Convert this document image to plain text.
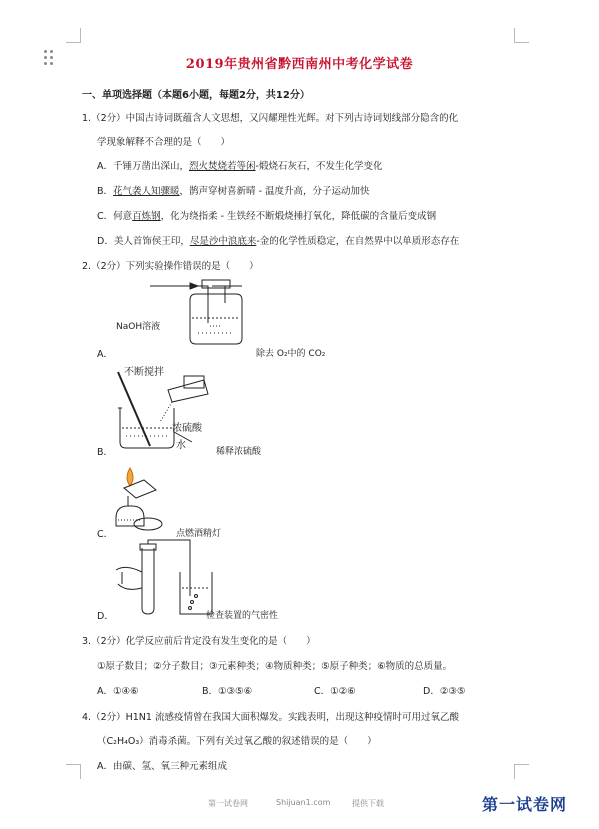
2019年贵州省黔西南州中考化学试卷
一、单项选择题（本题6小题，每题2分，共12分）
1.（2分）中国古诗词既蕴含人文思想，又闪耀理性光辉。对下列古诗词划线部分隐含的化
学现象解释不合理的是（　　）
A．千锤万凿出深山，烈火焚烧若等闲-煅烧石灰石，不发生化学变化
B．花气袭人知骤暖，鹊声穿树喜新晴 - 温度升高，分子运动加快
C．何意百炼钢，化为绕指柔 - 生铁经不断煅烧捶打氧化，降低碳的含量后变成钢
D．美人首饰侯王印，尽是沙中浪底来-金的化学性质稳定，在自然界中以单质形态存在
2.（2分）下列实验操作错误的是（　　）
NaOH溶液
A．	除去 O₂中的 CO₂
不断搅拌
浓硫酸
水
B．	稀释浓硫酸
C．	点燃酒精灯
D．	检查装置的气密性
3.（2分）化学反应前后肯定没有发生变化的是（　　）
①原子数目；②分子数目；③元素种类；④物质种类；⑤原子种类；⑥物质的总质量。
A．①④⑥	B．①③⑤⑥	C．①②⑥	D．②③⑤
4.（2分）H1N1 流感疫情曾在我国大面积爆发。实践表明，出现这种疫情时可用过氧乙酸
（C₂H₄O₃）消毒杀菌。下列有关过氧乙酸的叙述错误的是（　　）
A．由碳、氢、氧三种元素组成
第一试卷网	Shijuan1.com	提供下载	第一试卷网
